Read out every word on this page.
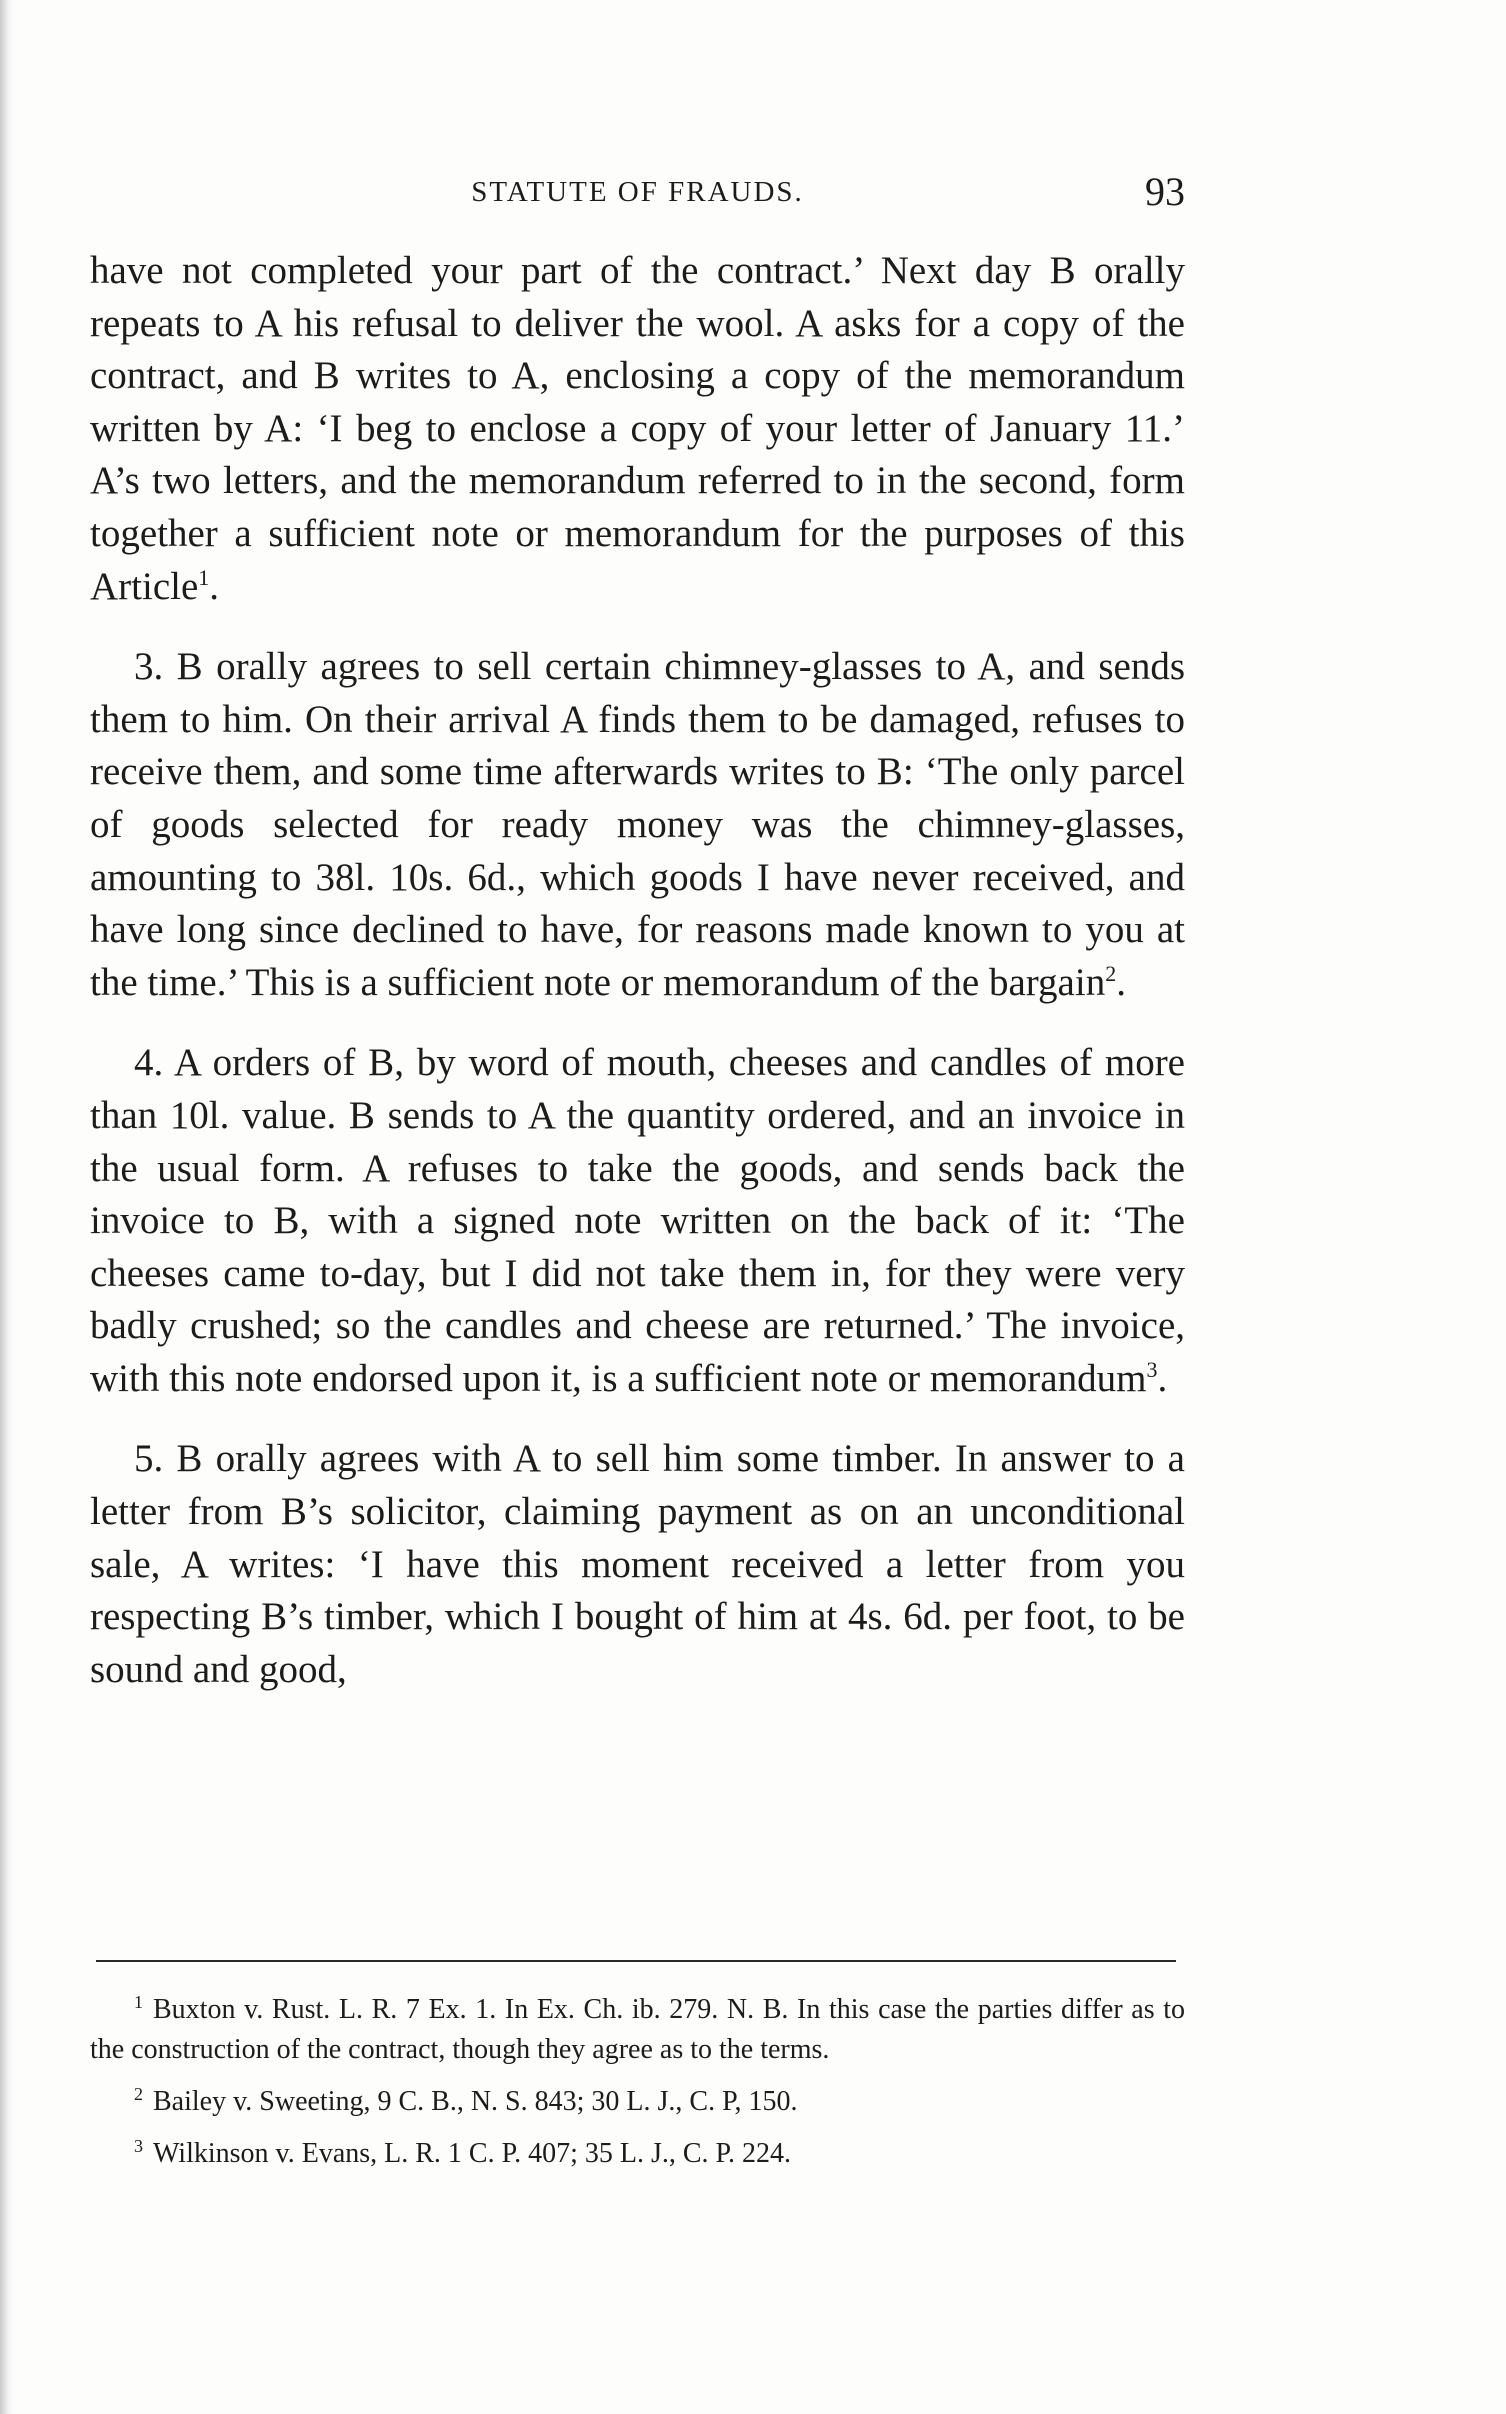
STATUTE OF FRAUDS.	93

have not completed your part of the contract.’ Next day B orally repeats to A his refusal to deliver the wool. A asks for a copy of the contract, and B writes to A, enclosing a copy of the memorandum written by A: ‘I beg to enclose a copy of your letter of January 11.’ A’s two letters, and the memorandum referred to in the second, form together a sufficient note or memorandum for the purposes of this Article$^1$.

3. B orally agrees to sell certain chimney-glasses to A, and sends them to him. On their arrival A finds them to be damaged, refuses to receive them, and some time afterwards writes to B: ‘The only parcel of goods selected for ready money was the chimney-glasses, amounting to 38l. 10s. 6d., which goods I have never received, and have long since declined to have, for reasons made known to you at the time.’ This is a sufficient note or memorandum of the bargain$^2$.

4. A orders of B, by word of mouth, cheeses and candles of more than 10l. value. B sends to A the quantity ordered, and an invoice in the usual form. A refuses to take the goods, and sends back the invoice to B, with a signed note written on the back of it: ‘The cheeses came to-day, but I did not take them in, for they were very badly crushed; so the candles and cheese are returned.’ The invoice, with this note endorsed upon it, is a sufficient note or memorandum$^3$.

5. B orally agrees with A to sell him some timber. In answer to a letter from B’s solicitor, claiming payment as on an unconditional sale, A writes: ‘I have this moment received a letter from you respecting B’s timber, which I bought of him at 4s. 6d. per foot, to be sound and good,

$^1$ Buxton v. Rust. L. R. 7 Ex. 1. In Ex. Ch. ib. 279. N. B. In this case the parties differ as to the construction of the contract, though they agree as to the terms.

$^2$ Bailey v. Sweeting, 9 C. B., N. S. 843; 30 L. J., C. P, 150.

$^3$ Wilkinson v. Evans, L. R. 1 C. P. 407; 35 L. J., C. P. 224.
